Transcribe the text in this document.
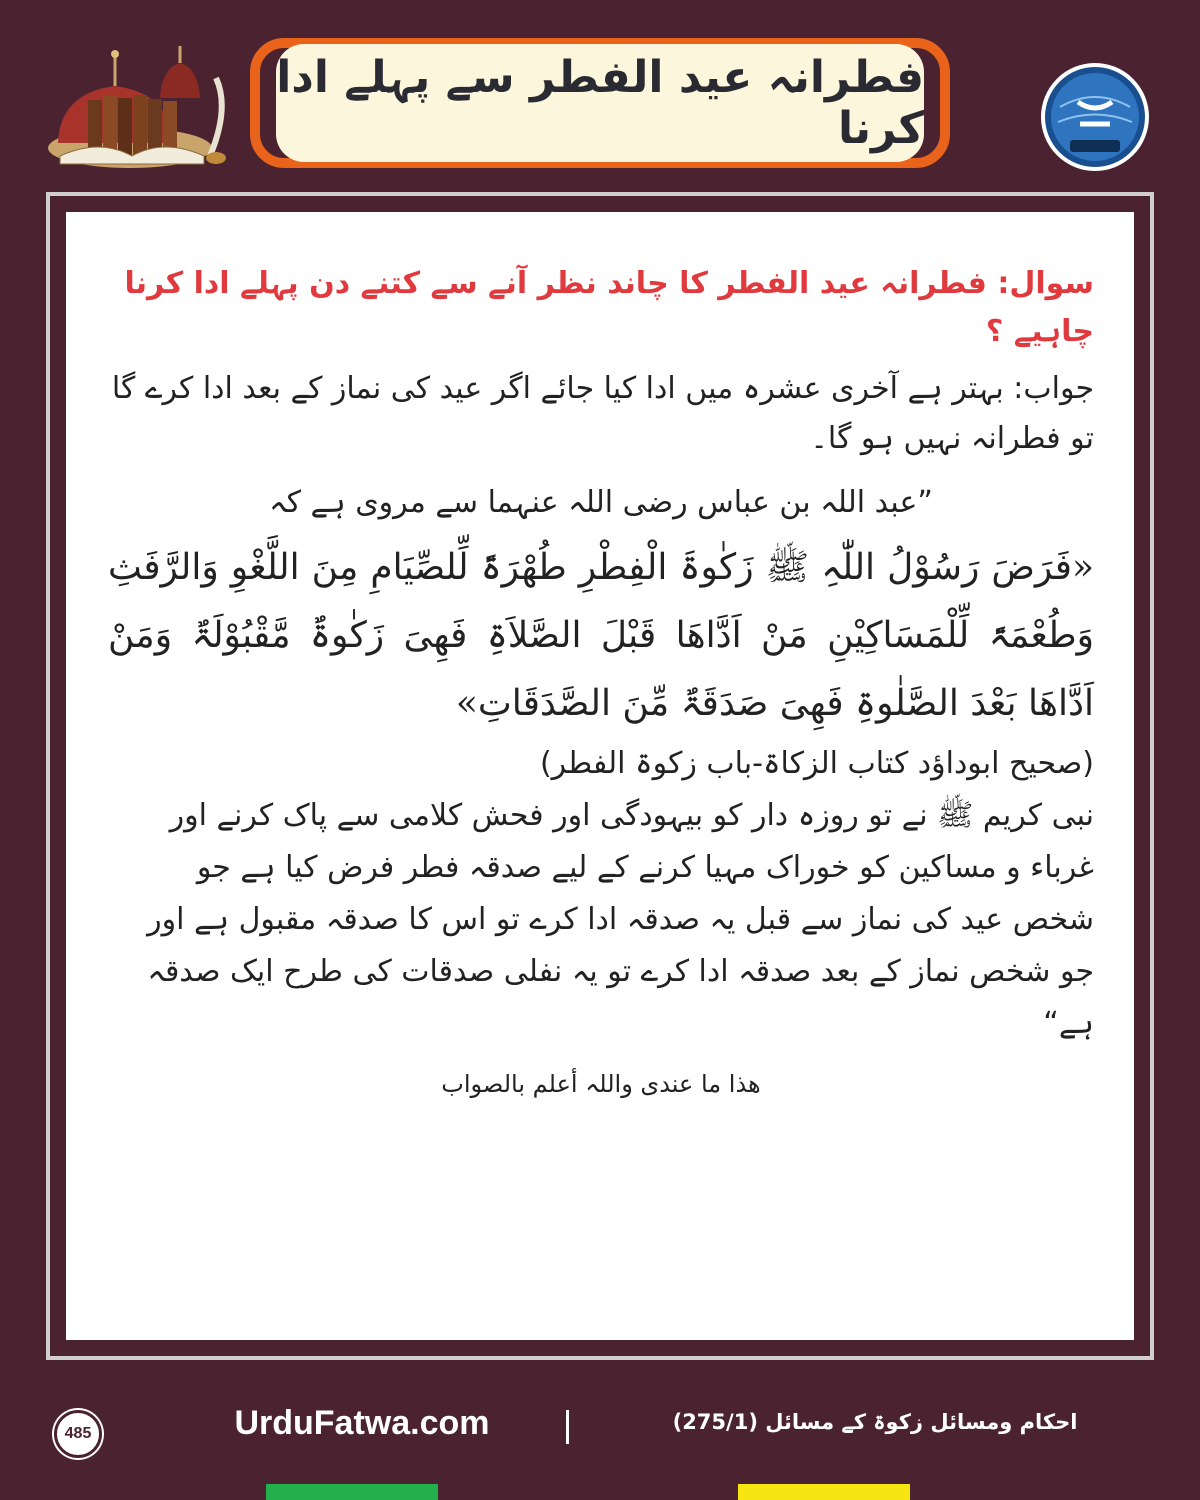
فطرانہ عید الفطر سے پہلے ادا کرنا

سوال: فطرانہ عید الفطر کا چاند نظر آنے سے کتنے دن پہلے ادا کرنا چاہیے ؟

جواب: بہتر ہے آخری عشرہ میں ادا کیا جائے اگر عید کی نماز کے بعد ادا کرے گا تو فطرانہ نہیں ہو گا۔

”عبد اللہ بن عباس رضی اللہ عنہما سے مروی ہے کہ

«فَرَضَ رَسُوْلُ اللّٰہِ ﷺ زَکٰوۃَ الْفِطْرِ طُھْرَۃً لِّلصِّیَامِ مِنَ اللَّغْوِ وَالرَّفَثِ وَطُعْمَۃً لِّلْمَسَاکِیْنِ مَنْ اَدَّاھَا قَبْلَ الصَّلاَۃِ فَھِیَ زَکٰوۃٌ مَّقْبُوْلَۃٌ وَمَنْ اَدَّاھَا بَعْدَ الصَّلٰوۃِ فَھِیَ صَدَقَۃٌ مِّنَ الصَّدَقَاتِ»

(صحیح ابوداؤد کتاب الزکاۃ-باب زکوۃ الفطر)

نبی کریم ﷺ نے تو روزہ دار کو بیہودگی اور فحش کلامی سے پاک کرنے اور غرباء و مساکین کو خوراک مہیا کرنے کے لیے صدقہ فطر فرض کیا ہے جو شخص عید کی نماز سے قبل یہ صدقہ ادا کرے تو اس کا صدقہ مقبول ہے اور جو شخص نماز کے بعد صدقہ ادا کرے تو یہ نفلی صدقات کی طرح ایک صدقہ ہے“

ھذا ما عندی واللہ أعلم بالصواب

485	UrduFatwa.com	احکام ومسائل زکوۃ کے مسائل (275/1)
